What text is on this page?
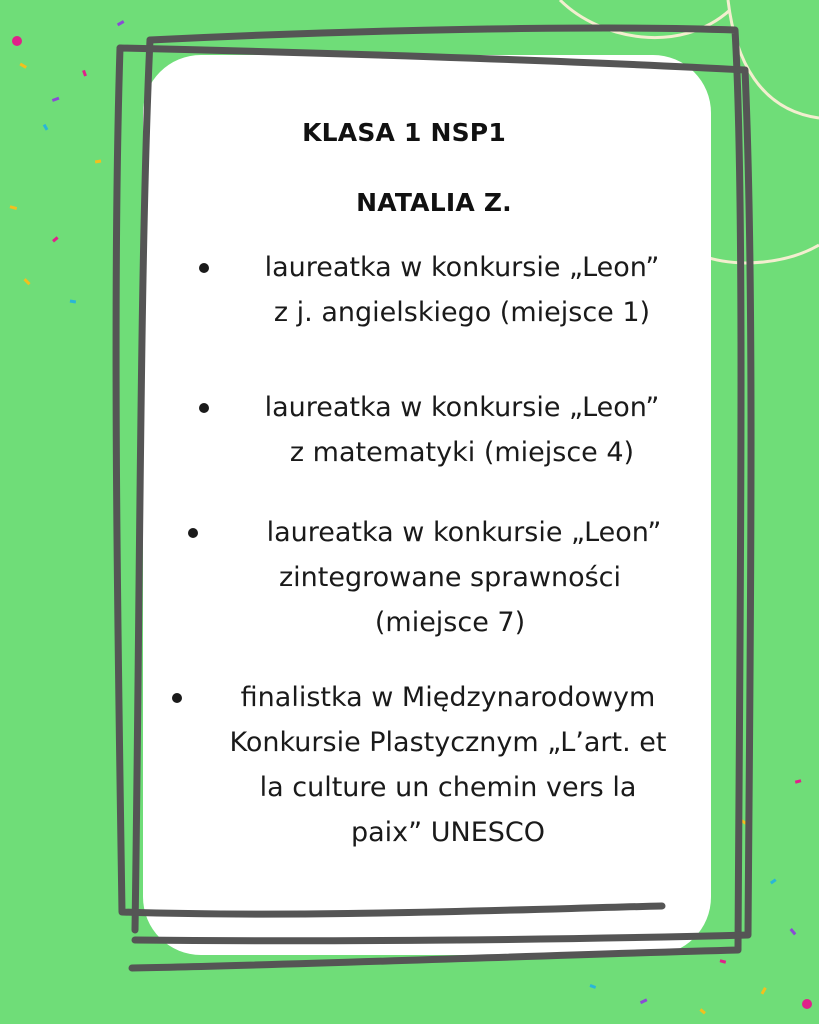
KLASA 1 NSP1
NATALIA Z.
laureatka w konkursie „Leon”
z j. angielskiego (miejsce 1)
laureatka w konkursie „Leon”
z matematyki (miejsce 4)
laureatka w konkursie „Leon”
zintegrowane sprawności
(miejsce 7)
finalistka w Międzynarodowym
Konkursie Plastycznym „L’art. et
la culture un chemin vers la
paix” UNESCO
